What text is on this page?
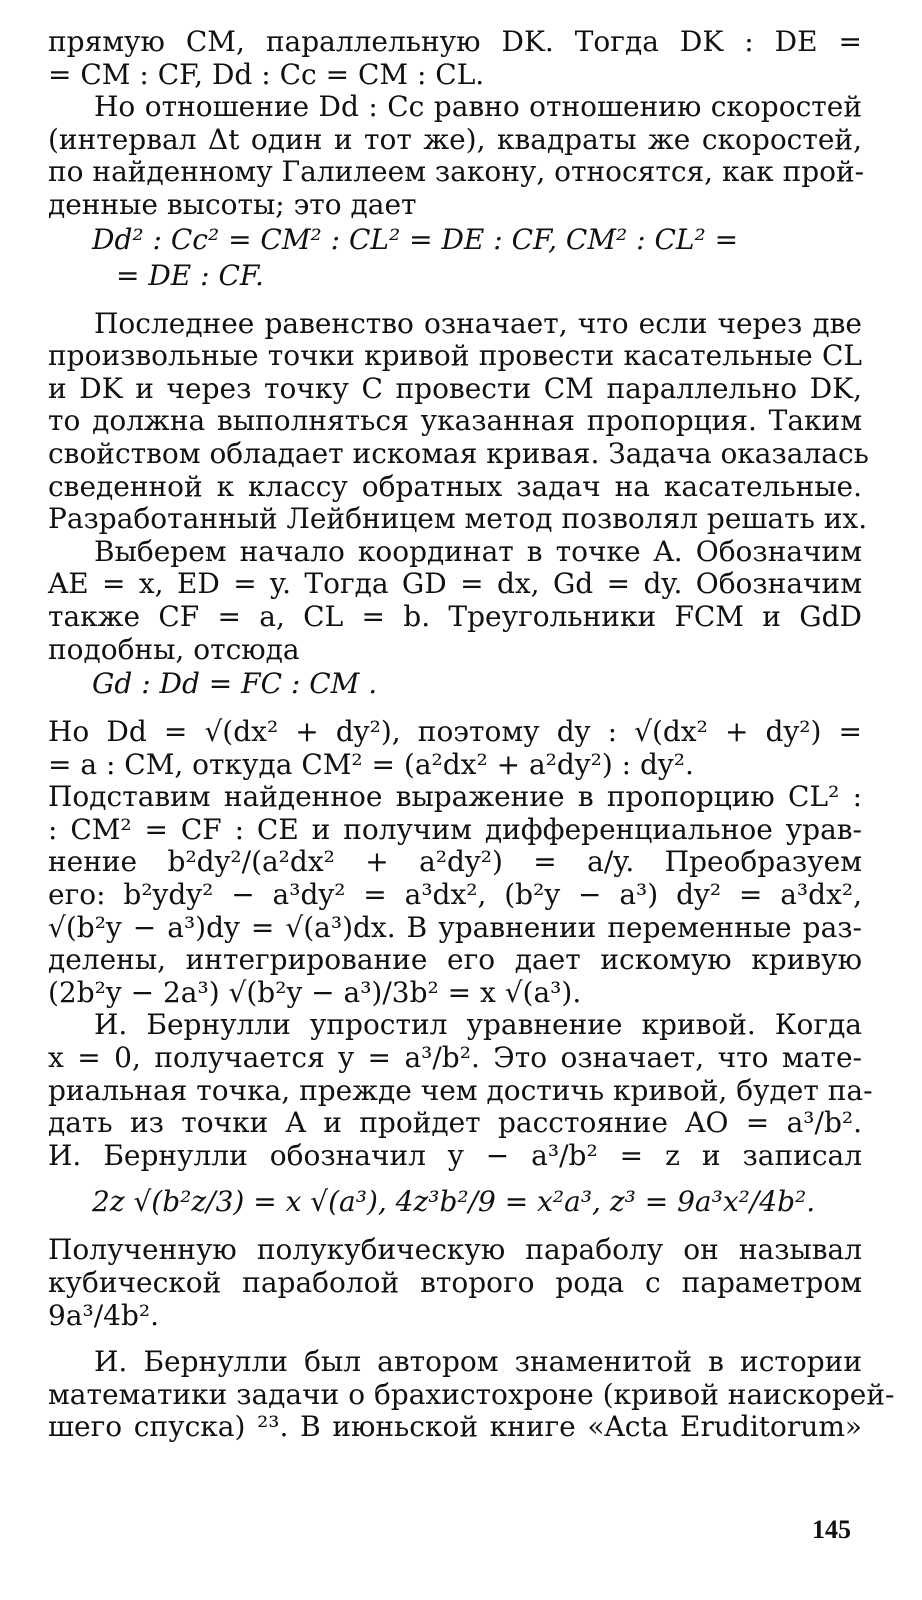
прямую CM, параллельную DK. Тогда DK : DE =
= CM : CF, Dd : Cc = CM : CL.
Но отношение Dd : Cc равно отношению скоростей
(интервал Δt один и тот же), квадраты же скоростей,
по найденному Галилеем закону, относятся, как прой-
денные высоты; это дает
Dd² : Cc² = CM² : CL² = DE : CF, CM² : CL² =
= DE : CF.
Последнее равенство означает, что если через две
произвольные точки кривой провести касательные CL
и DK и через точку C провести CM параллельно DK,
то должна выполняться указанная пропорция. Таким
свойством обладает искомая кривая. Задача оказалась
сведенной к классу обратных задач на касательные.
Разработанный Лейбницем метод позволял решать их.
Выберем начало координат в точке A. Обозначим
AE = x, ED = y. Тогда GD = dx, Gd = dy. Обозначим
также CF = a, CL = b. Треугольники FCM и GdD
подобны, отсюда
Gd : Dd = FC : CM .
Но Dd = √(dx² + dy²), поэтому dy : √(dx² + dy²) =
= a : CM, откуда CM² = (a²dx² + a²dy²) : dy².
Подставим найденное выражение в пропорцию CL² :
: CM² = CF : CE и получим дифференциальное урав-
нение b²dy²/(a²dx² + a²dy²) = a/y. Преобразуем
его: b²ydy² − a³dy² = a³dx², (b²y − a³) dy² = a³dx²,
√(b²y − a³)dy = √(a³)dx. В уравнении переменные раз-
делены, интегрирование его дает искомую кривую
(2b²y − 2a³) √(b²y − a³)/3b² = x √(a³).
И. Бернулли упростил уравнение кривой. Когда
x = 0, получается y = a³/b². Это означает, что мате-
риальная точка, прежде чем достичь кривой, будет па-
дать из точки A и пройдет расстояние AO = a³/b².
И. Бернулли обозначил y − a³/b² = z и записал
2z √(b²z/3) = x √(a³), 4z³b²/9 = x²a³, z³ = 9a³x²/4b².
Полученную полукубическую параболу он называл
кубической параболой второго рода с параметром
9a³/4b².
И. Бернулли был автором знаменитой в истории
математики задачи о брахистохроне (кривой наискорей-
шего спуска) ²³. В июньской книге «Acta Eruditorum»
145
